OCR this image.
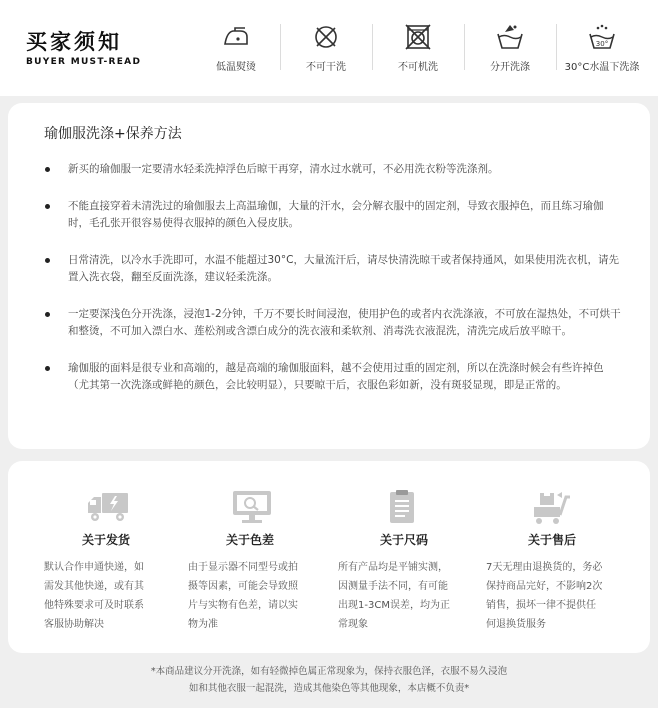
买家须知
BUYER MUST-READ	低温熨烫	不可干洗	不可机洗	分开洗涤
30°
30°C水温下洗涤
瑜伽服洗涤+保养方法
新买的瑜伽服一定要清水轻柔洗掉浮色后晾干再穿，清水过水就可，不必用洗衣粉等洗涤剂。
不能直接穿着未清洗过的瑜伽服去上高温瑜伽，大量的汗水，会分解衣服中的固定剂，导致衣服掉色，而且练习瑜伽时，毛孔张开很容易使得衣服掉的颜色入侵皮肤。
日常清洗，以冷水手洗即可，水温不能超过30°C，大量流汗后，请尽快清洗晾干或者保持通风，如果使用洗衣机，请先置入洗衣袋，翻至反面洗涤，建议轻柔洗涤。
一定要深浅色分开洗涤，浸泡1-2分钟，千万不要长时间浸泡，使用护色的或者内衣洗涤液，不可放在湿热处，不可烘干和整烫，不可加入漂白水、莲松剂或含漂白成分的洗衣液和柔软剂、消毒洗衣液混洗，清洗完成后放平晾干。
瑜伽服的面料是很专业和高端的，越是高端的瑜伽服面料，越不会使用过重的固定剂，所以在洗涤时候会有些许掉色（尤其第一次洗涤或鲜艳的颜色，会比较明显），只要晾干后，衣服色彩如新，没有斑驳显现，即是正常的。
关于发货
默认合作申通快递，如
需发其他快递，或有其
他特殊要求可及时联系
客服协助解决
关于色差
由于显示器不同型号或拍
摄等因素，可能会导致照
片与实物有色差，请以实
物为准
关于尺码
所有产品均是平铺实测，
因测量手法不同，有可能
出现1-3CM误差，均为正
常现象
关于售后
7天无理由退换货的，务必
保持商品完好，不影响2次
销售，损坏一律不提供任
何退换货服务
*本商品建议分开洗涤，如有轻微掉色属正常现象为，保持衣服色泽，衣服不易久浸泡
如和其他衣服一起混洗，造成其他染色等其他现象，本店概不负责*
